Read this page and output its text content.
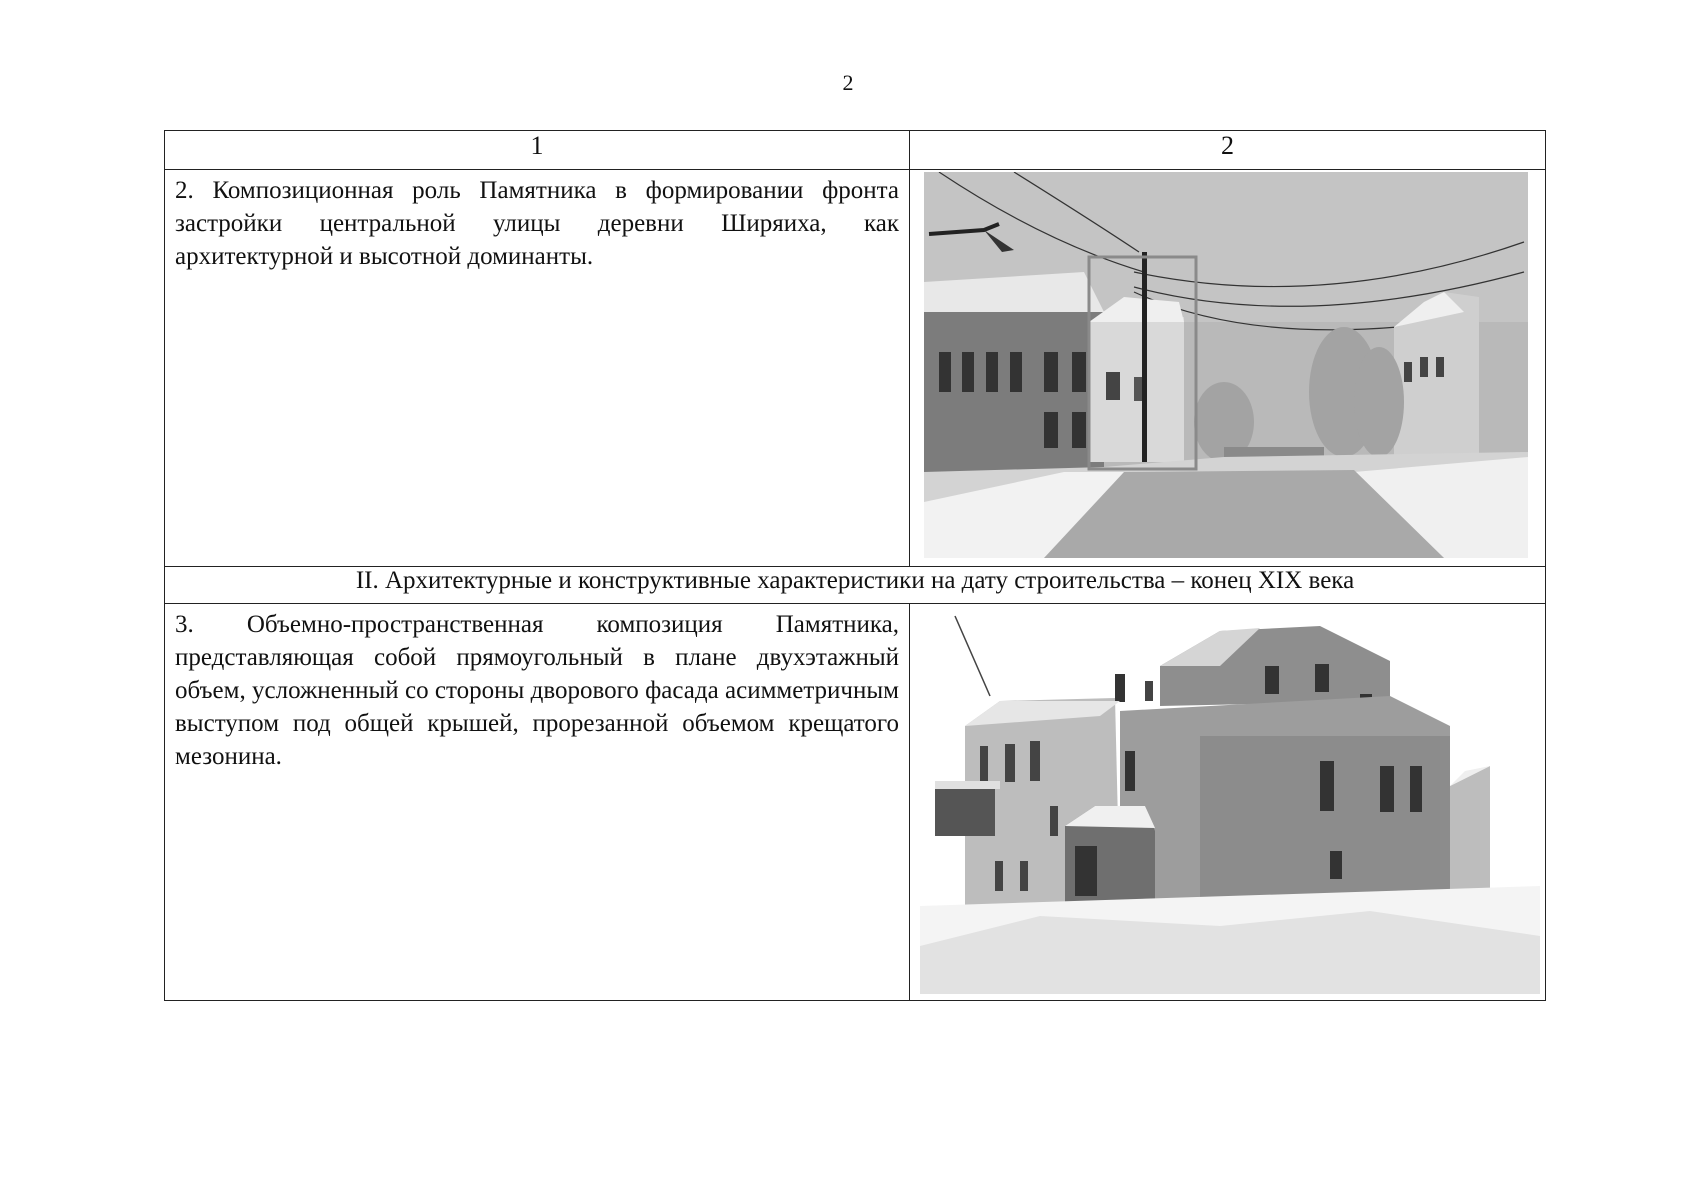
2
1	2

2. Композиционная роль Памятника в формировании фронта застройки центральной улицы деревни Ширяиха, как архитектурной и высотной доминанты.

II. Архитектурные и конструктивные характеристики на дату строительства – конец XIX века	

3. Объемно-пространственная композиция Памятника, представляющая собой прямоугольный в плане двухэтажный объем, усложненный со стороны дворового фасада асимметричным выступом под общей крышей, прорезанной объемом крещатого мезонина.
